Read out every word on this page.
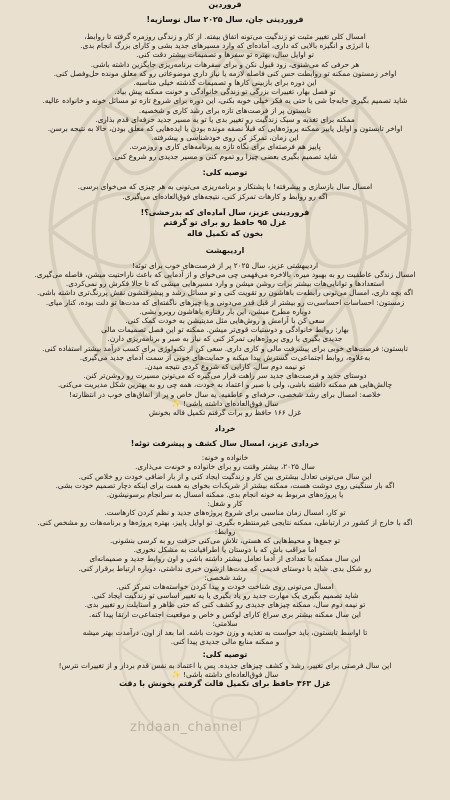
zhdaan_channel
فروردین
فروردینی جان، سال ۲۰۲۵ سال نوسازیه!
امسال کلی تغییر مثبت تو زندگیت می‌تونه اتفاق بیفته. از کار و زندگی روزمره گرفته تا روابط،
با انرژی و انگیزه بالایی که داری، آماده‌ای که وارد مسیرهای جدید بشی و کارای بزرگ انجام بدی.
تو اوایل سال، بهتره تو سفرها و تصمیمات بیشتر دقت کنی.
هر حرفی که می‌شنوی، زود قبول نکن و برای سفرهات برنامه‌ریزی جایگزین داشته باشی.
اواخر زمستون ممکنه تو روابطت حس کنی فاصله لازمه یا نیاز داری موضوعاتی رو که معلق مونده حل‌وفصل کنی.
این دوره برای بازبینی کارها و تصمیمات گذشته خیلی مناسبه.
تو فصل بهار، تغییرات بزرگی تو زندگی خانوادگی و خونت ممکنه پیش بیاد.
شاید تصمیم بگیری جابه‌جا شی یا حتی یه فکر خیلی خوبه بکنی، این دوره برای شروع تازه تو مسائل خونه و خانواده عالیه.
تابستون پر از فرصت‌های تازه برای رشد کاری و شخصیه.
ممکنه برای تغذیه و سبک زندگیت رو تغییر بدی یا تو یه مسیر جدید حرفه‌ای قدم بذاری.
اواخر تابستون و اوایل پاییز ممکنه پروژه‌هایی که قبلاً نصفه مونده بودن یا ایده‌هایی که معلق بودن، حالا به نتیجه برسن.
این زمان، تمرکز کن روی خودشناسی و پیشرفته.
پاییز هم فرصته‌ای برای نگاه تازه به برنامه‌های کاری و روزمرت.
شاید تصمیم بگیری بعضی چیزا رو تموم کنی و مسیر جدیدی رو شروع کنی.
توصیه کلی:
امسال سال بازسازی و پیشرفته! با پشتکار و برنامه‌ریزی می‌تونی به هر چیزی که می‌خوای برسی.
اگه رو روابط و کارهات تمرکز کنی، نتیجه‌های فوق‌العاده‌ای می‌گیری.
فروردینی عزیز، سال آماده‌ای که بدرخشی؟!
غزل ۹۵ حافظ رو برای تو گرفتم
بخون که تکمیل فاله
اردیبهشت
اردیبهشتی عزیز، سال ۲۰۲۵ پر از فرصت‌های خوب برای توئه!
امسال زندگی عاطفیت رو به بهبود میره. بالاخره می‌فهمی چی می‌خوای و از آدمایی که باعث ناراحتیت میشن، فاصله می‌گیری.
استعدادها و توانایی‌هات بیشتر برات روشن میشن و وارد مسیرهایی میشی که تا حالا فکرش رو نمی‌کردی.
اگه بچه داری، امسال می‌تونی رابطه‌ت باهاشون رو تقویت کنی و تو مسائل رشد و پیشرفتشون نقش پررنگ‌تری داشته باشی.
زمستون: احساسات احساسی‌ت رو بیشتر از قبل قدر می‌دونی و با چیزهای ناگفته‌ای که مدت‌ها تو دلت بوده، کنار میای.
دوباره مطرح میشن، این بار رفتاره باهاشون روبرو بشی.
سعی کن با آرامش و روش‌هایی مثل مدیتیشن به خودت کمک کنی.
بهار: روابط خانوادگی و دوستیات قوی‌تر میشن. ممکنه تو این فصل تصمیمات مالی
جدیدی بگیری یا روی پروژه‌هایی تمرکز کنی که نیاز به صبر و برنامه‌ریزی دارن.
تابستون: فرصت‌های خوبی برای پیشرفت مالی و کاری داری. سعی کن از تکنولوژی برای کسب درآمد بیشتر استفاده کنی.
به‌علاوه، روابط اجتماعی‌ت گسترش پیدا میکنه و حمایت‌های خوبی از سمت آدمای جدید می‌گیری.
تو نیمه دوم سال، کارایی که شروع کردی نتیجه میدن.
دوستای جدید و فرصت‌های جدید سر راهت قرار می‌گیره که می‌تونن مسیرت رو روشن‌تر کنن.
چالش‌هایی هم ممکنه داشته باشی، ولی با صبر و اعتماد به خودت، همه چی رو به بهترین شکل مدیریت می‌کنی.
خلاصه: امسال برای رشد شخصی، حرفه‌ای و عاطفیه. یه سال خاص و پر از اتفاق‌های خوب در انتظارته!
سال فوق‌العاده‌ای داشته باشی! ✨
غزل ۱۶۶ حافظ رو برات گرفتم تکمیل فاله بخونش
خرداد
خردادی عزیز، امسال سال کشف و پیشرفت توئه!
خانواده و خونه:
سال ۲۰۲۵، بیشتر وقتت رو برای خانواده و خونه‌ت می‌ذاری.
این سال می‌تونی تعادل بیشتری بین کار و زندگیت ایجاد کنی و از بار اضافی خودت رو خلاص کنی.
اگه بار سنگینی روی دوشت هست، ممکنه بیشتر از شریک‌ات بخوای به همت برای اینکه دچار تصمیم خودت بشی.
یا پروژه‌های مربوط به خونه انجام بدی. ممکنه امسال به سرانجام برسونیشون.
کار و شغل:
تو کار، امسال زمان مناسبی برای شروع پروژه‌های جدید و نظم کردن کارهاست.
اگه با خارج از کشور در ارتباطی، ممکنه نتایجی غیرمنتظره بگیری. تو اوایل پاییز، بهتره پروژه‌ها و برنامه‌هات رو مشخص کنی.
روابط:
تو جمع‌ها و محیط‌هایی که هستی، تلاش می‌کنی حرفت رو به کرسی بنشونی.
اما مراقب باش که با دوستان یا اطرافیانت به مشکل نخوری.
این سال ممکنه با تعدادی از آدما تعامل بیشتر داشته باشی و اون روابط جدید و صمیمانه‌ای
رو شکل بدی. شاید با دوستای قدیمی که مدت‌ها ازشون خبری نداشتی، دوباره ارتباط برقرار کنی.
رشد شخصی:
امسال می‌تونی روی شناخت خودت و پیدا کردن خواسته‌هات تمرکز کنی.
شاید تصمیم بگیری یک مهارت جدید رو یاد بگیری یا یه تغییر اساسی تو زندگیت ایجاد کنی.
تو نیمه دوم سال، ممکنه چیزهای جدیدی رو کشف کنی که حتی ظاهر و استایلت رو تغییر بدی.
این سال ممکنه بیشتر بری سراغ کارای لوکس و خاص و موقعیت اجتماعی‌ت ارتقا پیدا کنه.
سلامتی:
تا اواسط تابستون، باید حواست به تغذیه و وزن خودت باشه. اما بعد از اون، درآمدت بهتر میشه
و ممکنه منابع مالی جدیدی پیدا کنی.
توصیه کلی:
این سال فرصتی برای تغییر، رشد و کشف چیزهای جدیده. پس با اعتماد به نفس قدم بردار و از تغییرات نترس!
سال فوق‌العاده‌ای داشته باشی! ✨
غزل ۳۶۳ حافظ برای تکمیل فالت گرفتم بخونش با دقت
